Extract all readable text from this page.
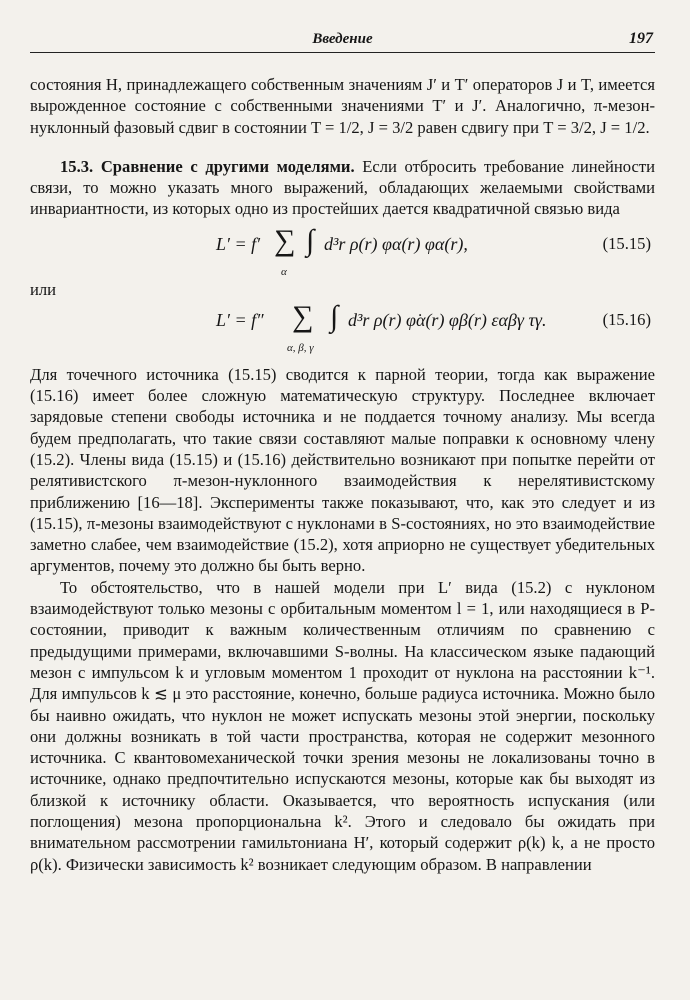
Введение	197

состояния H, принадлежащего собственным значениям J′ и T′ операторов J и T, имеется вырожденное состояние с собственными значениями T′ и J′. Аналогично, π-мезон-нуклонный фазовый сдвиг в состоянии T = 1/2, J = 3/2 равен сдвигу при T = 3/2, J = 1/2.

15.3. Сравнение с другими моделями. Если отбросить требование линейности связи, то можно указать много выражений, обладающих желаемыми свойствами инвариантности, из которых одно из простейших дается квадратичной связью вида

L′ = f′ ∑
α
∫ d³r ρ(r) φα(r) φα(r),	(15.15)

или

L′ = f″ ∑
α, β, γ
∫ d³r ρ(r) φ̇α(r) φβ(r) εαβγ τγ.	(15.16)

Для точечного источника (15.15) сводится к парной теории, тогда как выражение (15.16) имеет более сложную математическую структуру. Последнее включает зарядовые степени свободы источника и не поддается точному анализу. Мы всегда будем предполагать, что такие связи составляют малые поправки к основному члену (15.2). Члены вида (15.15) и (15.16) действительно возникают при попытке перейти от релятивистского π-мезон-нуклонного взаимодействия к нерелятивистскому приближению [16—18]. Эксперименты также показывают, что, как это следует и из (15.15), π-мезоны взаимодействуют с нуклонами в S-состояниях, но это взаимодействие заметно слабее, чем взаимодействие (15.2), хотя априорно не существует убедительных аргументов, почему это должно бы быть верно.

То обстоятельство, что в нашей модели при L′ вида (15.2) с нуклоном взаимодействуют только мезоны с орбитальным моментом l = 1, или находящиеся в P-состоянии, приводит к важным количественным отличиям по сравнению с предыдущими примерами, включавшими S-волны. На классическом языке падающий мезон с импульсом k и угловым моментом 1 проходит от нуклона на расстоянии k⁻¹. Для импульсов k ≲ μ это расстояние, конечно, больше радиуса источника. Можно было бы наивно ожидать, что нуклон не может испускать мезоны этой энергии, поскольку они должны возникать в той части пространства, которая не содержит мезонного источника. С квантовомеханической точки зрения мезоны не локализованы точно в источнике, однако предпочтительно испускаются мезоны, которые как бы выходят из близкой к источнику области. Оказывается, что вероятность испускания (или поглощения) мезона пропорциональна k². Этого и следовало бы ожидать при внимательном рассмотрении гамильтониана H′, который содержит ρ(k) k, а не просто ρ(k). Физически зависимость k² возникает следующим образом. В направлении
